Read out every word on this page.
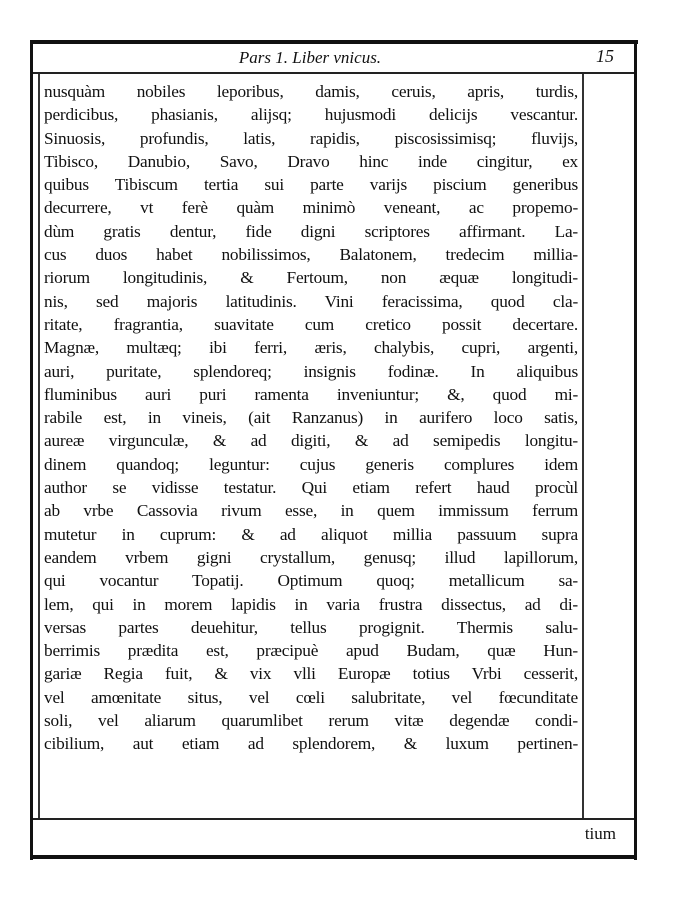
Pars 1. Liber vnicus.	15
nusquàm nobiles leporibus, damis, ceruis, apris, turdis,
perdicibus, phasianis, alijsq; hujusmodi delicijs vescantur.
Sinuosis, profundis, latis, rapidis, piscosissimisq; fluvijs,
Tibisco, Danubio, Savo, Dravo hinc inde cingitur, ex
quibus Tibiscum tertia sui parte varijs piscium generibus
decurrere, vt ferè quàm minimò veneant, ac propemo-
dùm gratis dentur, fide digni scriptores affirmant. La-
cus duos habet nobilissimos, Balatonem, tredecim millia-
riorum longitudinis, & Fertoum, non æquæ longitudi-
nis, sed majoris latitudinis. Vini feracissima, quod cla-
ritate, fragrantia, suavitate cum cretico possit decertare.
Magnæ, multæq; ibi ferri, æris, chalybis, cupri, argenti,
auri, puritate, splendoreq; insignis fodinæ. In aliquibus
fluminibus auri puri ramenta inveniuntur; &, quod mi-
rabile est, in vineis, (ait Ranzanus) in aurifero loco satis,
aureæ virgunculæ, & ad digiti, & ad semipedis longitu-
dinem quandoq; leguntur: cujus generis complures idem
author se vidisse testatur. Qui etiam refert haud procùl
ab vrbe Cassovia rivum esse, in quem immissum ferrum
mutetur in cuprum: & ad aliquot millia passuum supra
eandem vrbem gigni crystallum, genusq; illud lapillorum,
qui vocantur Topatij. Optimum quoq; metallicum sa-
lem, qui in morem lapidis in varia frustra dissectus, ad di-
versas partes deuehitur, tellus progignit. Thermis salu-
berrimis prædita est, præcipuè apud Budam, quæ Hun-
gariæ Regia fuit, & vix vlli Europæ totius Vrbi cesserit,
vel amœnitate situs, vel cœli salubritate, vel fœcunditate
soli, vel aliarum quarumlibet rerum vitæ degendæ condi-
cibilium, aut etiam ad splendorem, & luxum pertinen-
tium
